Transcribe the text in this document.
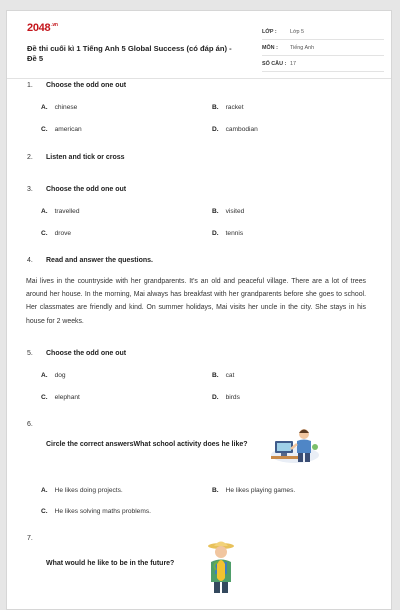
$2048^{.vn}$
Đề thi cuối kì 1 Tiếng Anh 5 Global Success (có đáp án) - Đề 5
LỚP :	Lớp 5
MÔN :	Tiếng Anh
SỐ CÂU : 17
1. Choose the odd one out
A. chinese	B. racket
C. american	D. cambodian
2. Listen and tick or cross
3. Choose the odd one out
A. travelled	B. visited
C. drove	D. tennis
4. Read and answer the questions.
Mai lives in the countryside with her grandparents. It's an old and peaceful village. There are a lot of trees around her house. In the morning, Mai always has breakfast with her grandparents before she goes to school. Her classmates are friendly and kind. On summer holidays, Mai visits her uncle in the city. She stays in his house for 2 weeks.
5. Choose the odd one out
A. dog	B. cat
C. elephant	D. birds
6.
Circle the correct answersWhat school activity does he like?
A. He likes doing projects.	B. He likes playing games.
C. He likes solving maths problems.
7.
What would he like to be in the future?
